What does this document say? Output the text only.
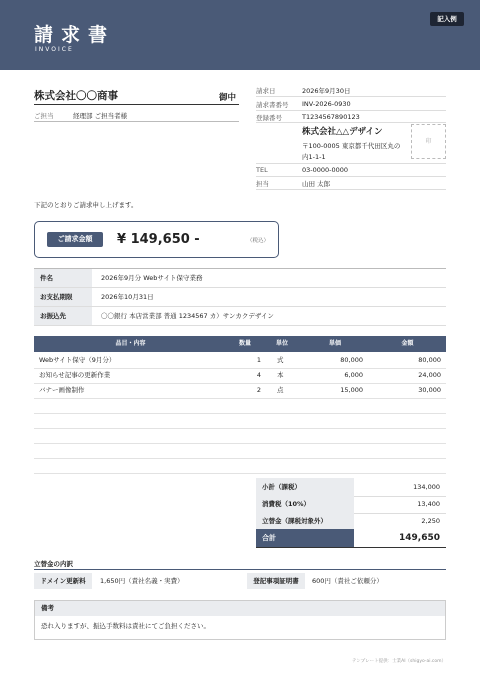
請求書
INVOICE
記入例
株式会社〇〇商事	御中
ご担当	経理部 ご担当者様
請求日	2026年9月30日
請求書番号 INV-2026-0930
登録番号	T1234567890123
株式会社△△デザイン
〒100-0005 東京都千代田区丸の
内1-1-1
印
TEL	03-0000-0000
担当	山田 太郎
下記のとおりご請求申し上げます。
ご請求金額	¥ 149,650 -	（税込）
件名	2026年9月分 Webサイト保守業務
お支払期限	2026年10月31日
お振込先	〇〇銀行 本店営業部 普通 1234567 カ）サンカクデザイン
品目・内容	数量	単位	単価	金額
Webサイト保守（9月分）	1 式	80,000	80,000
お知らせ記事の更新作業	4 本	6,000	24,000
バナー画像制作	2 点	15,000	30,000
小計（課税）	134,000
消費税（10%）	13,400
立替金（課税対象外）	2,250
合計	149,650
立替金の内訳
ドメイン更新料	1,650円（責社名義・実費）	登記事項証明書	600円（責社ご依頼分）
備考
恐れ入りますが、振込手数料は責社にてご負担ください。
テンプレート提供：士業AI（shigyo-ai.com）
